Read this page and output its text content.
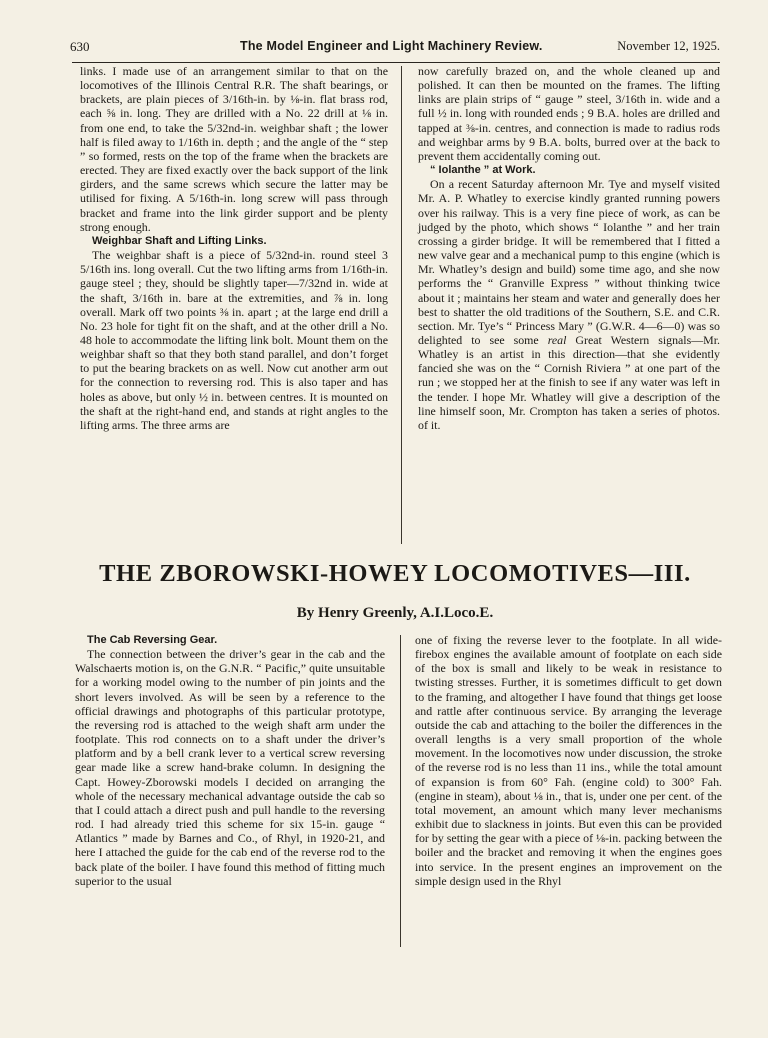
630	The Model Engineer and Light Machinery Review.	November 12, 1925.

links. I made use of an arrangement similar to that on the locomotives of the Illinois Central R.R. The shaft bearings, or brackets, are plain pieces of 3/16th-in. by ⅛-in. flat brass rod, each ⅝ in. long. They are drilled with a No. 22 drill at ⅛ in. from one end, to take the 5/32nd-in. weighbar shaft ; the lower half is filed away to 1/16th in. depth ; and the angle of the “ step ” so formed, rests on the top of the frame when the brackets are erected. They are fixed exactly over the back support of the link girders, and the same screws which secure the latter may be utilised for fixing. A 5/16th-in. long screw will pass through bracket and frame into the link girder support and be plenty strong enough.

Weighbar Shaft and Lifting Links.

The weighbar shaft is a piece of 5/32nd-in. round steel 3 5/16th ins. long overall. Cut the two lifting arms from 1/16th-in. gauge steel ; they, should be slightly taper—7/32nd in. wide at the shaft, 3/16th in. bare at the extremities, and ⅞ in. long overall. Mark off two points ⅜ in. apart ; at the large end drill a No. 23 hole for tight fit on the shaft, and at the other drill a No. 48 hole to accommodate the lifting link bolt. Mount them on the weighbar shaft so that they both stand parallel, and don’t forget to put the bearing brackets on as well. Now cut another arm out for the connection to reversing rod. This is also taper and has holes as above, but only ½ in. between centres. It is mounted on the shaft at the right-hand end, and stands at right angles to the lifting arms. The three arms are

now carefully brazed on, and the whole cleaned up and polished. It can then be mounted on the frames. The lifting links are plain strips of “ gauge ” steel, 3/16th in. wide and a full ½ in. long with rounded ends ; 9 B.A. holes are drilled and tapped at ⅜-in. centres, and connection is made to radius rods and weighbar arms by 9 B.A. bolts, burred over at the back to prevent them accidentally coming out.

“ Iolanthe ” at Work.

On a recent Saturday afternoon Mr. Tye and myself visited Mr. A. P. Whatley to exercise kindly granted running powers over his railway. This is a very fine piece of work, as can be judged by the photo, which shows “ Iolanthe ” and her train crossing a girder bridge. It will be remembered that I fitted a new valve gear and a mechanical pump to this engine (which is Mr. Whatley’s design and build) some time ago, and she now performs the “ Granville Express ” without thinking twice about it ; maintains her steam and water and generally does her best to shatter the old traditions of the Southern, S.E. and C.R. section. Mr. Tye’s “ Princess Mary ” (G.W.R. 4—6—0) was so delighted to see some real Great Western signals—Mr. Whatley is an artist in this direction—that she evidently fancied she was on the “ Cornish Riviera ” at one part of the run ; we stopped her at the finish to see if any water was left in the tender. I hope Mr. Whatley will give a description of the line himself soon, Mr. Crompton has taken a series of photos. of it.

THE ZBOROWSKI-HOWEY LOCOMOTIVES—III.
By Henry Greenly, A.I.Loco.E.

The Cab Reversing Gear.

The connection between the driver’s gear in the cab and the Walschaerts motion is, on the G.N.R. “ Pacific,” quite unsuitable for a working model owing to the number of pin joints and the short levers involved. As will be seen by a reference to the official drawings and photographs of this particular prototype, the reversing rod is attached to the weigh shaft arm under the footplate. This rod connects on to a shaft under the driver’s platform and by a bell crank lever to a vertical screw reversing gear made like a screw hand-brake column. In designing the Capt. Howey-Zborowski models I decided on arranging the whole of the necessary mechanical advantage outside the cab so that I could attach a direct push and pull handle to the reversing rod. I had already tried this scheme for six 15-in. gauge “ Atlantics ” made by Barnes and Co., of Rhyl, in 1920-21, and here I attached the guide for the cab end of the reverse rod to the back plate of the boiler. I have found this method of fitting much superior to the usual

one of fixing the reverse lever to the footplate. In all wide-firebox engines the available amount of footplate on each side of the box is small and likely to be weak in resistance to twisting stresses. Further, it is sometimes difficult to get down to the framing, and altogether I have found that things get loose and rattle after continuous service. By arranging the leverage outside the cab and attaching to the boiler the differences in the overall lengths is a very small proportion of the whole movement. In the locomotives now under discussion, the stroke of the reverse rod is no less than 11 ins., while the total amount of expansion is from 60° Fah. (engine cold) to 300° Fah. (engine in steam), about ⅛ in., that is, under one per cent. of the total movement, an amount which many lever mechanisms exhibit due to slackness in joints. But even this can be provided for by setting the gear with a piece of ⅛-in. packing between the boiler and the bracket and removing it when the engines goes into service. In the present engines an improvement on the simple design used in the Rhyl
